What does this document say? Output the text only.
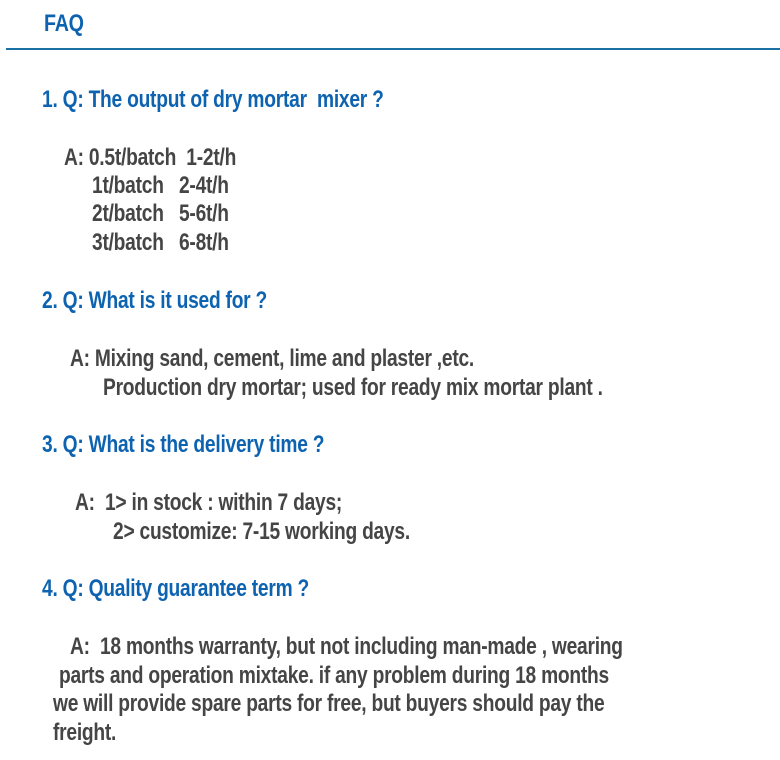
FAQ
1. Q: The output of dry mortar  mixer ?
A: 0.5t/batch  1-2t/h
1t/batch   2-4t/h
2t/batch   5-6t/h
3t/batch   6-8t/h
2. Q: What is it used for ?
A: Mixing sand, cement, lime and plaster ,etc.
Production dry mortar; used for ready mix mortar plant .
3. Q: What is the delivery time ?
A:  1> in stock : within 7 days;
2> customize: 7-15 working days.
4. Q: Quality guarantee term ?
A:  18 months warranty, but not including man-made , wearing
parts and operation mixtake. if any problem during 18 months
we will provide spare parts for free, but buyers should pay the
freight.
